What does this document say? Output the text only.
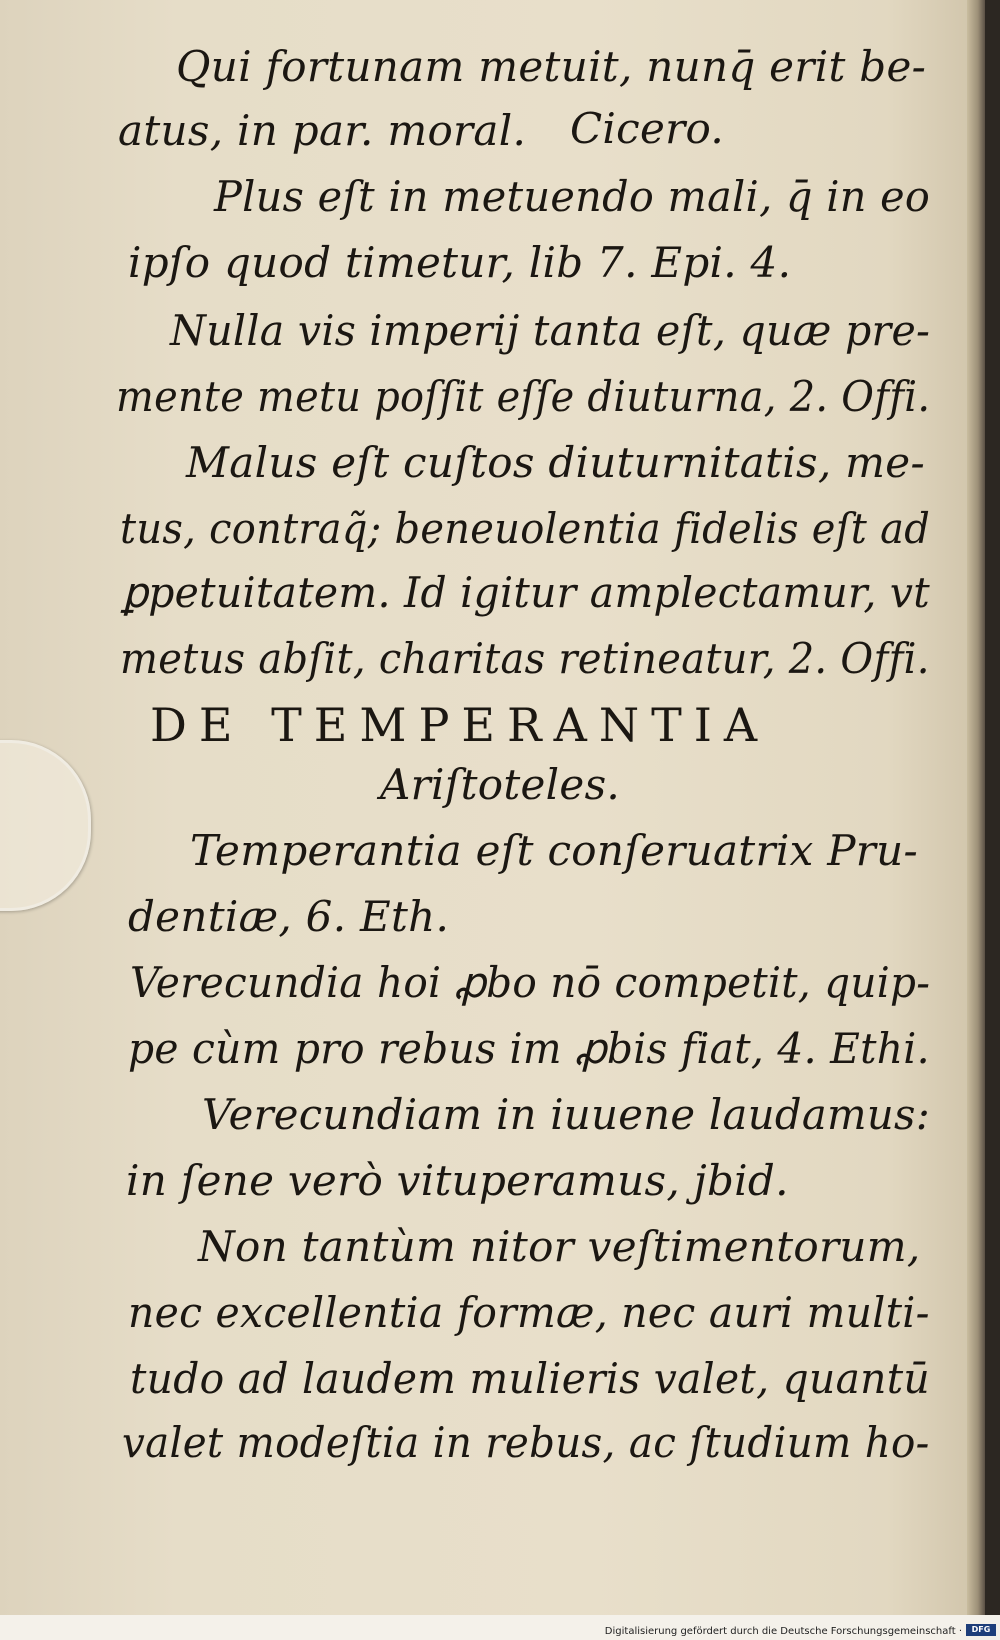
Qui fortunam metuit, nunq̄ erit be-
atus, in par. moral. Cicero.
Plus eſt in metuendo mali, q̄ in eo
ipſo quod timetur, lib 7. Epi. 4.
Nulla vis imperij tanta eſt, quæ pre-
mente metu poſſit eſſe diuturna, 2. Offi.
Malus eſt cuſtos diuturnitatis, me-
tus, contraq̃; beneuolentia fidelis eſt ad
ꝑpetuitatem. Id igitur amplectamur, vt
metus abſit, charitas retineatur, 2. Offi.
DE TEMPERANTIA
Ariſtoteles.
Temperantia eſt conſeruatrix Pru-
dentiæ, 6. Eth.
Verecundia hoi ꝓbo nō competit, quip-
pe cùm pro rebus im ꝓbis fiat, 4. Ethi.
Verecundiam in iuuene laudamus:
in ſene verò vituperamus, jbid.
Non tantùm nitor veſtimentorum,
nec excellentia formæ, nec auri multi-
tudo ad laudem mulieris valet, quantū
valet modeſtia in rebus, ac ſtudium ho-
Digitalisierung gefördert durch die Deutsche Forschungsgemeinschaft ·	DFG
